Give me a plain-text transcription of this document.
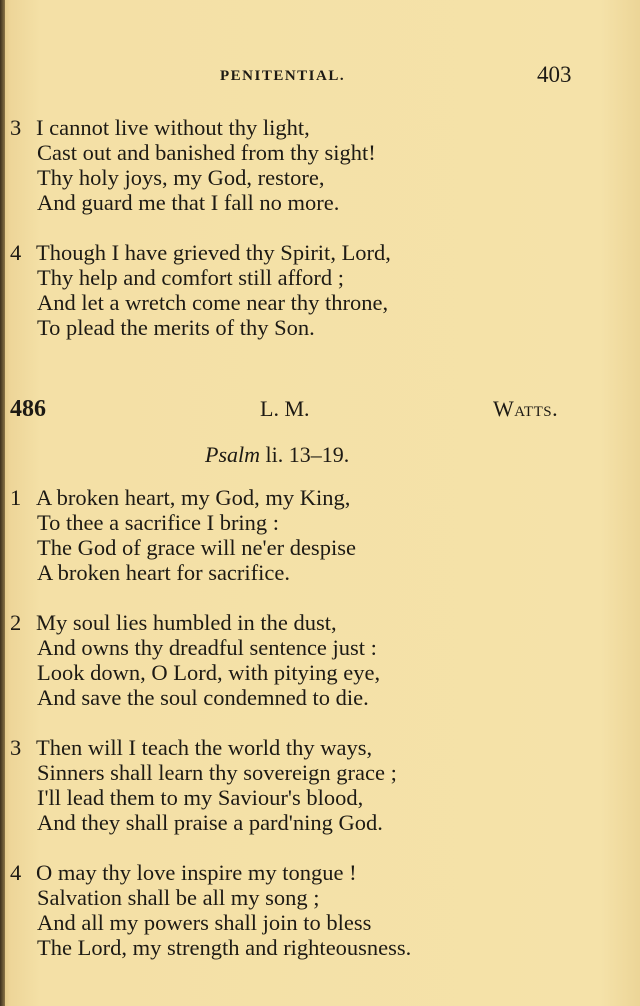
PENITENTIAL.	403
3 I cannot live without thy light,
Cast out and banished from thy sight!
Thy holy joys, my God, restore,
And guard me that I fall no more.
4 Though I have grieved thy Spirit, Lord,
Thy help and comfort still afford ;
And let a wretch come near thy throne,
To plead the merits of thy Son.
486	L. M.	Watts.
Psalm li. 13–19.
1 A broken heart, my God, my King,
To thee a sacrifice I bring :
The God of grace will ne'er despise
A broken heart for sacrifice.
2 My soul lies humbled in the dust,
And owns thy dreadful sentence just :
Look down, O Lord, with pitying eye,
And save the soul condemned to die.
3 Then will I teach the world thy ways,
Sinners shall learn thy sovereign grace ;
I'll lead them to my Saviour's blood,
And they shall praise a pard'ning God.
4 O may thy love inspire my tongue !
Salvation shall be all my song ;
And all my powers shall join to bless
The Lord, my strength and righteousness.
